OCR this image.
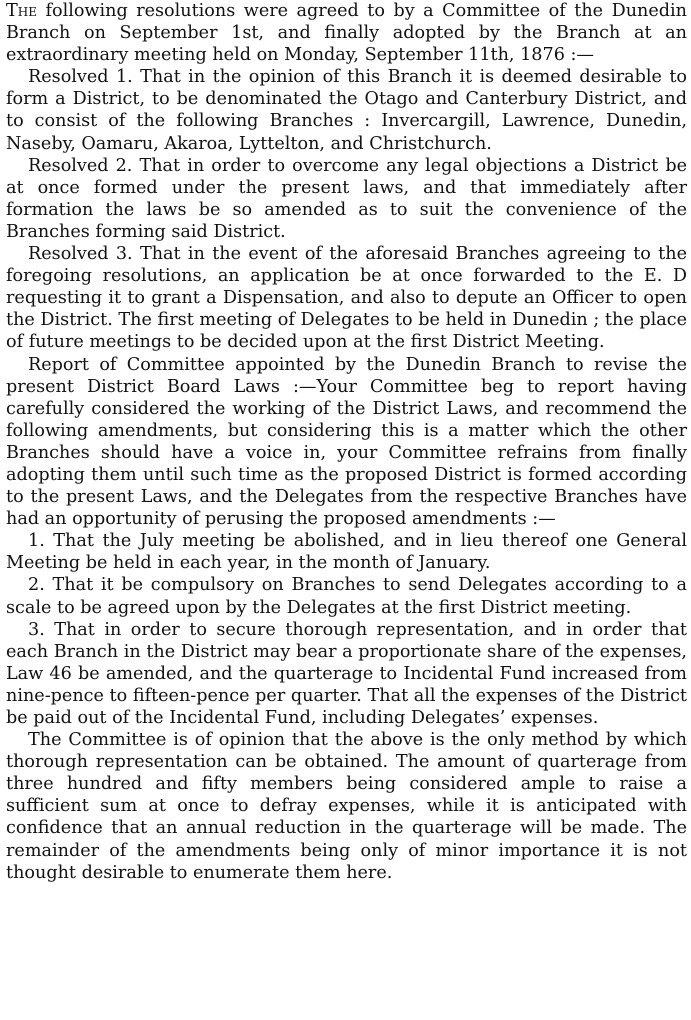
The following resolutions were agreed to by a Committee of the Dunedin Branch on September 1st, and finally adopted by the Branch at an extraordinary meeting held on Monday, September 11th, 1876 :—

Resolved 1. That in the opinion of this Branch it is deemed desirable to form a District, to be denominated the Otago and Canterbury District, and to consist of the following Branches : Invercargill, Lawrence, Dunedin, Naseby, Oamaru, Akaroa, Lyttelton, and Christchurch.

Resolved 2. That in order to overcome any legal objections a District be at once formed under the present laws, and that immediately after formation the laws be so amended as to suit the convenience of the Branches forming said District.

Resolved 3. That in the event of the aforesaid Branches agreeing to the foregoing resolutions, an application be at once forwarded to the E. D requesting it to grant a Dispensation, and also to depute an Officer to open the District. The first meeting of Delegates to be held in Dunedin ; the place of future meetings to be decided upon at the first District Meeting.

Report of Committee appointed by the Dunedin Branch to revise the present District Board Laws :—Your Committee beg to report having carefully considered the working of the District Laws, and recommend the following amendments, but considering this is a matter which the other Branches should have a voice in, your Committee refrains from finally adopting them until such time as the proposed District is formed according to the present Laws, and the Delegates from the respective Branches have had an opportunity of perusing the proposed amendments :—

1. That the July meeting be abolished, and in lieu thereof one General Meeting be held in each year, in the month of January.

2. That it be compulsory on Branches to send Delegates according to a scale to be agreed upon by the Delegates at the first District meeting.

3. That in order to secure thorough representation, and in order that each Branch in the District may bear a proportionate share of the expenses, Law 46 be amended, and the quarterage to Incidental Fund increased from nine-pence to fifteen-pence per quarter. That all the expenses of the District be paid out of the Incidental Fund, including Delegates’ expenses.

The Committee is of opinion that the above is the only method by which thorough representation can be obtained. The amount of quarterage from three hundred and fifty members being considered ample to raise a sufficient sum at once to defray expenses, while it is anticipated with confidence that an annual reduction in the quarterage will be made. The remainder of the amendments being only of minor importance it is not thought desirable to enumerate them here.
